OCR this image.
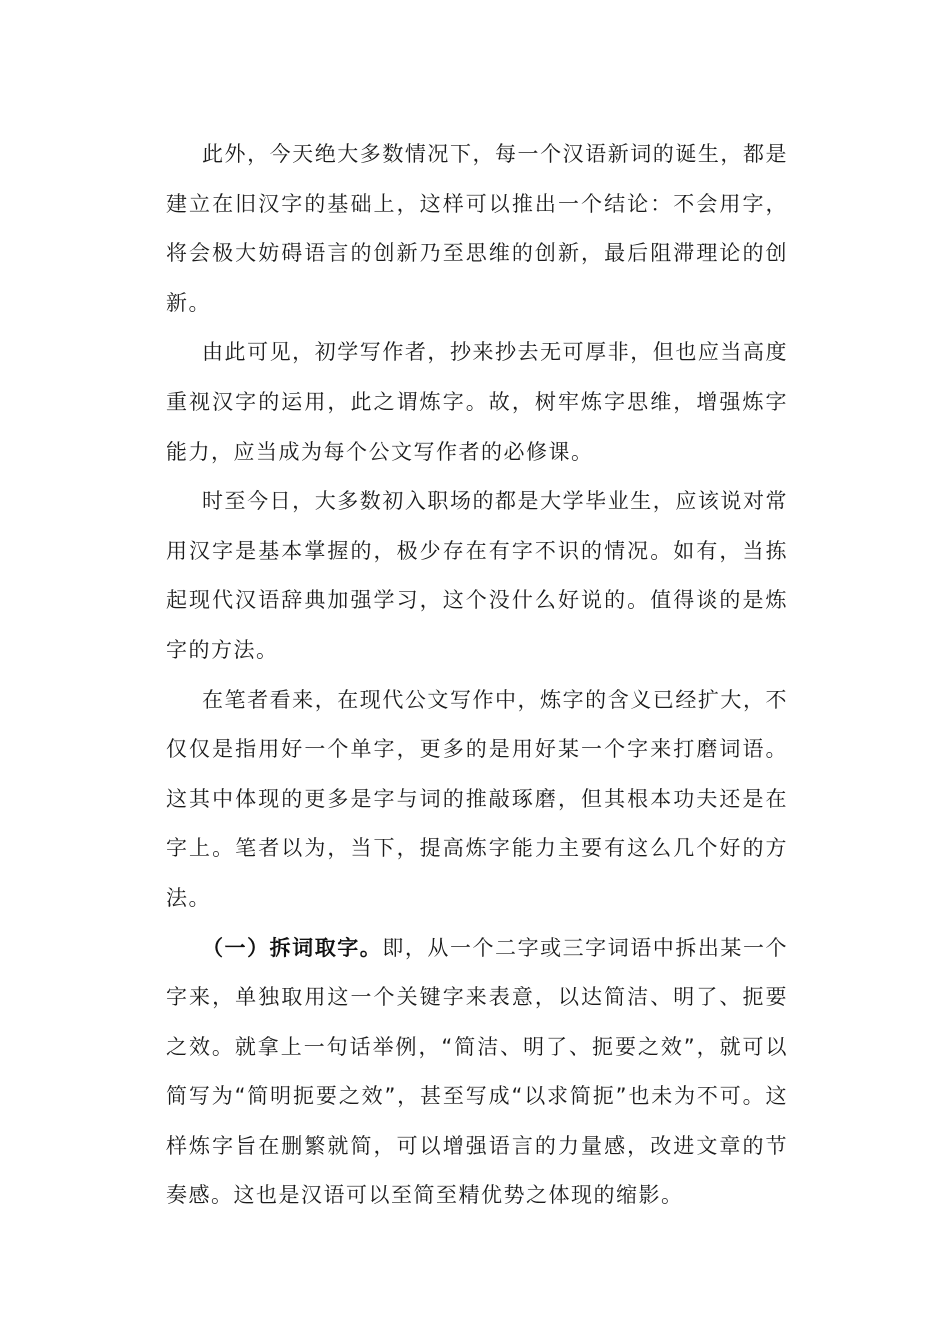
此外，今天绝大多数情况下，每一个汉语新词的诞生，都是建立在旧汉字的基础上，这样可以推出一个结论：不会用字，将会极大妨碍语言的创新乃至思维的创新，最后阻滞理论的创新。

由此可见，初学写作者，抄来抄去无可厚非，但也应当高度重视汉字的运用，此之谓炼字。故，树牢炼字思维，增强炼字能力，应当成为每个公文写作者的必修课。

时至今日，大多数初入职场的都是大学毕业生，应该说对常用汉字是基本掌握的，极少存在有字不识的情况。如有，当拣起现代汉语辞典加强学习，这个没什么好说的。值得谈的是炼字的方法。

在笔者看来，在现代公文写作中，炼字的含义已经扩大，不仅仅是指用好一个单字，更多的是用好某一个字来打磨词语。这其中体现的更多是字与词的推敲琢磨，但其根本功夫还是在字上。笔者以为，当下，提高炼字能力主要有这么几个好的方法。

（一）拆词取字。即，从一个二字或三字词语中拆出某一个字来，单独取用这一个关键字来表意，以达简洁、明了、扼要之效。就拿上一句话举例，“简洁、明了、扼要之效”，就可以简写为“简明扼要之效”，甚至写成“以求简扼”也未为不可。这样炼字旨在删繁就简，可以增强语言的力量感，改进文章的节奏感。这也是汉语可以至简至精优势之体现的缩影。
